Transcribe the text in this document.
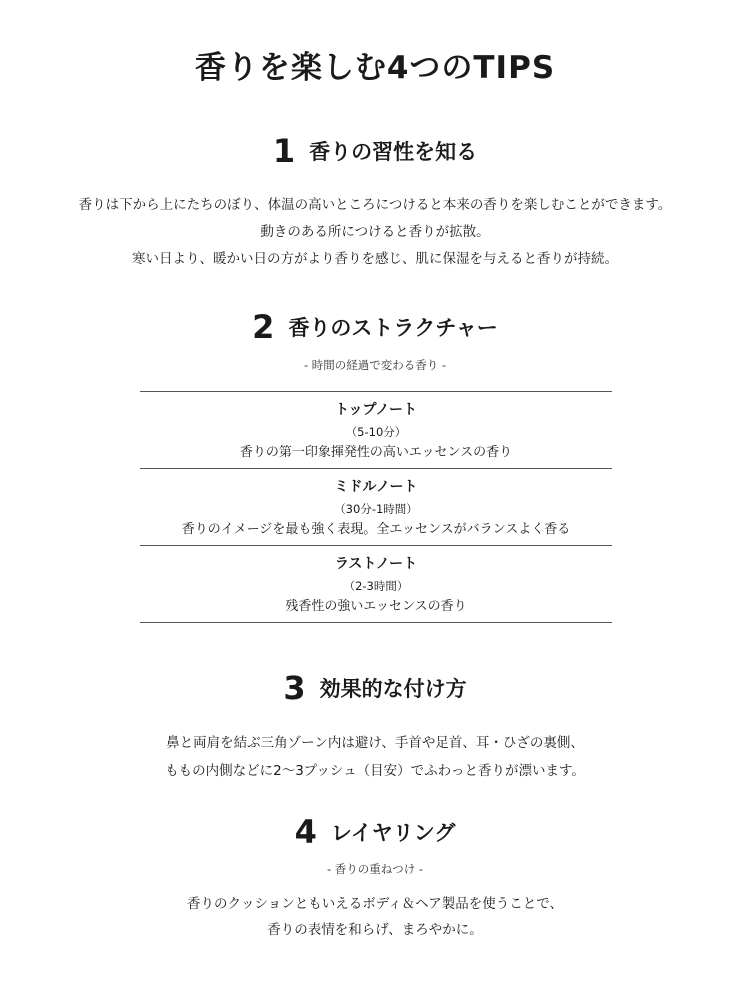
香りを楽しむ4つのTIPS
1 香りの習性を知る

香りは下から上にたちのぼり、体温の高いところにつけると本来の香りを楽しむことができます。

動きのある所につけると香りが拡散。

寒い日より、暖かい日の方がより香りを感じ、肌に保湿を与えると香りが持続。

2 香りのストラクチャー

- 時間の経過で変わる香り -

トップノート
（5-10分）
香りの第一印象揮発性の高いエッセンスの香り
ミドルノート
（30分-1時間）
香りのイメージを最も強く表現。全エッセンスがバランスよく香る
ラストノート
（2-3時間）
残香性の強いエッセンスの香り
3 効果的な付け方

鼻と両肩を結ぶ三角ゾーン内は避け、手首や足首、耳・ひざの裏側、

ももの内側などに2〜3プッシュ（目安）でふわっと香りが漂います。

4 レイヤリング

- 香りの重ねつけ -

香りのクッションともいえるボディ＆ヘア製品を使うことで、

香りの表情を和らげ、まろやかに。
